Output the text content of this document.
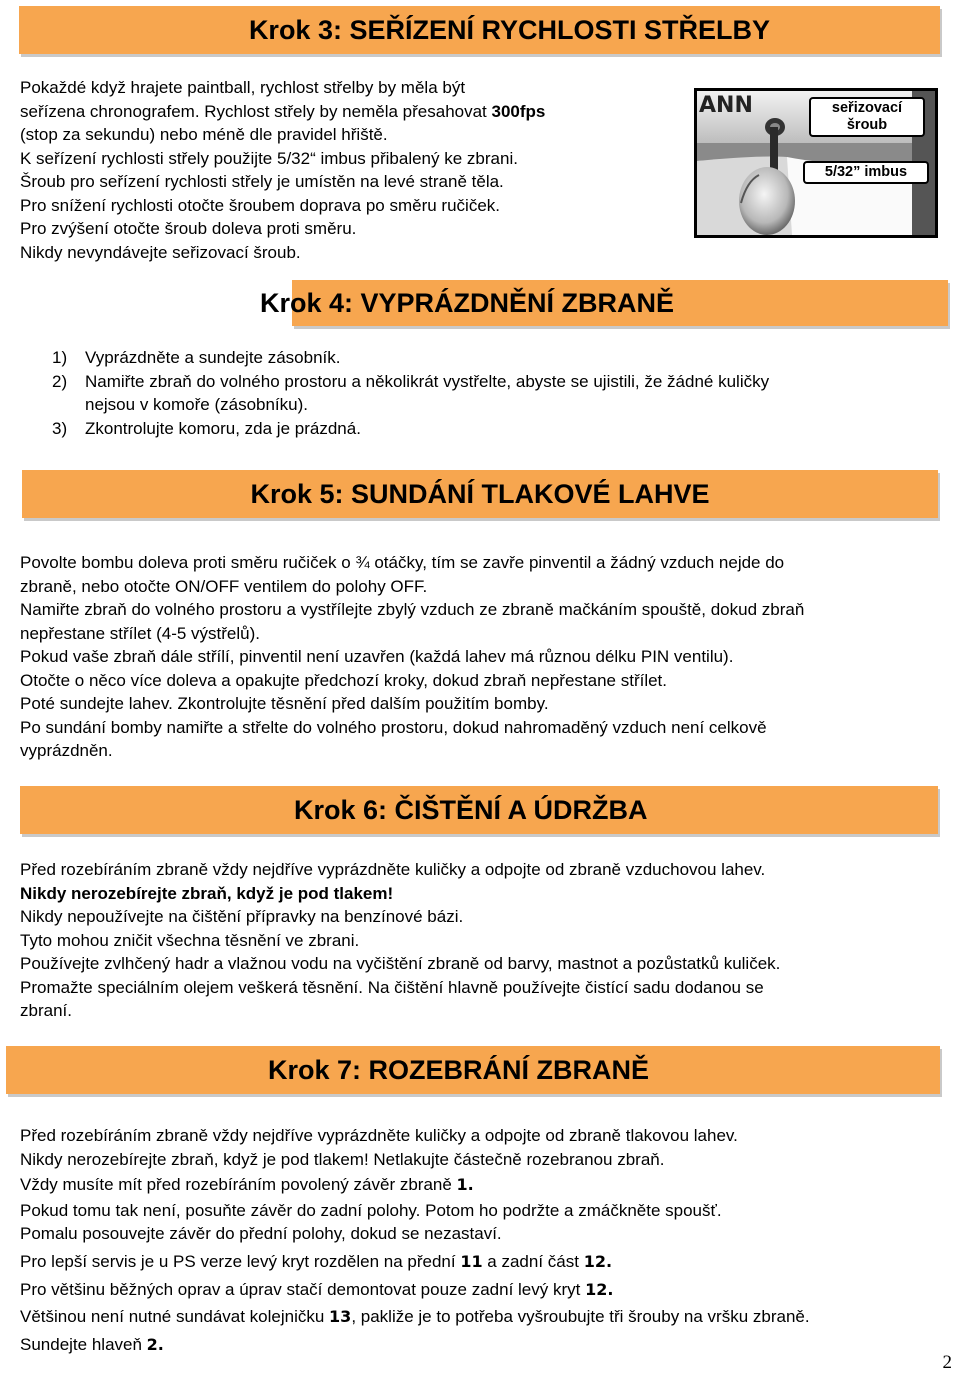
Krok 3: SEŘÍZENÍ RYCHLOSTI STŘELBY

Pokaždé když hrajete paintball, rychlost střelby by měla být

seřízena chronografem. Rychlost střely by neměla přesahovat 300fps

(stop za sekundu) nebo méně dle pravidel hřiště.

K seřízení rychlosti střely použijte 5/32“ imbus přibalený ke zbrani.

Šroub pro seřízení rychlosti střely je umístěn na levé straně těla.

Pro snížení rychlosti otočte šroubem doprava po směru ručiček.

Pro zvýšení otočte šroub doleva proti směru.

Nikdy nevyndávejte seřizovací šroub.

ANN	seřizovací
šroub
5/32” imbus
Krok 4: VYPRÁZDNĚNÍ ZBRANĚ
1)	Vyprázdněte a sundejte zásobník.
2)	Namiřte zbraň do volného prostoru a několikrát vystřelte, abyste se ujistili, že žádné kuličky
nejsou v komoře (zásobníku).
3)	Zkontrolujte komoru, zda je prázdná.
Krok 5: SUNDÁNÍ TLAKOVÉ LAHVE

Povolte bombu doleva proti směru ručiček o ¾ otáčky, tím se zavře pinventil a žádný vzduch nejde do

zbraně, nebo otočte ON/OFF ventilem do polohy OFF.

Namiřte zbraň do volného prostoru a vystřílejte zbylý vzduch ze zbraně mačkáním spouště, dokud zbraň

nepřestane střílet (4-5 výstřelů).

Pokud vaše zbraň dále střílí, pinventil není uzavřen (každá lahev má různou délku PIN ventilu).

Otočte o něco více doleva a opakujte předchozí kroky, dokud zbraň nepřestane střílet.

Poté sundejte lahev. Zkontrolujte těsnění před dalším použitím bomby.

Po sundání bomby namiřte a střelte do volného prostoru, dokud nahromaděný vzduch není celkově

vyprázdněn.

Krok 6: ČIŠTĚNÍ A ÚDRŽBA

Před rozebíráním zbraně vždy nejdříve vyprázdněte kuličky a odpojte od zbraně vzduchovou lahev.

Nikdy nerozebírejte zbraň, když je pod tlakem!

Nikdy nepoužívejte na čištění přípravky na benzínové bázi.

Tyto mohou zničit všechna těsnění ve zbrani.

Používejte zvlhčený hadr a vlažnou vodu na vyčištění zbraně od barvy, mastnot a pozůstatků kuliček.

Promažte speciálním olejem veškerá těsnění. Na čištění hlavně používejte čistící sadu dodanou se

zbraní.

Krok 7: ROZEBRÁNÍ ZBRANĚ

Před rozebíráním zbraně vždy nejdříve vyprázdněte kuličky a odpojte od zbraně tlakovou lahev.

Nikdy nerozebírejte zbraň, když je pod tlakem! Netlakujte částečně rozebranou zbraň.

Vždy musíte mít před rozebíráním povolený závěr zbraně 1.

Pokud tomu tak není, posuňte závěr do zadní polohy. Potom ho podržte a zmáčkněte spoušť.

Pomalu posouvejte závěr do přední polohy, dokud se nezastaví.

Pro lepší servis je u PS verze levý kryt rozdělen na přední 11 a zadní část 12.

Pro většinu běžných oprav a úprav stačí demontovat pouze zadní levý kryt 12.

Většinou není nutné sundávat kolejničku 13, pakliže je to potřeba vyšroubujte tři šrouby na vršku zbraně.

Sundejte hlaveň 2.

2
